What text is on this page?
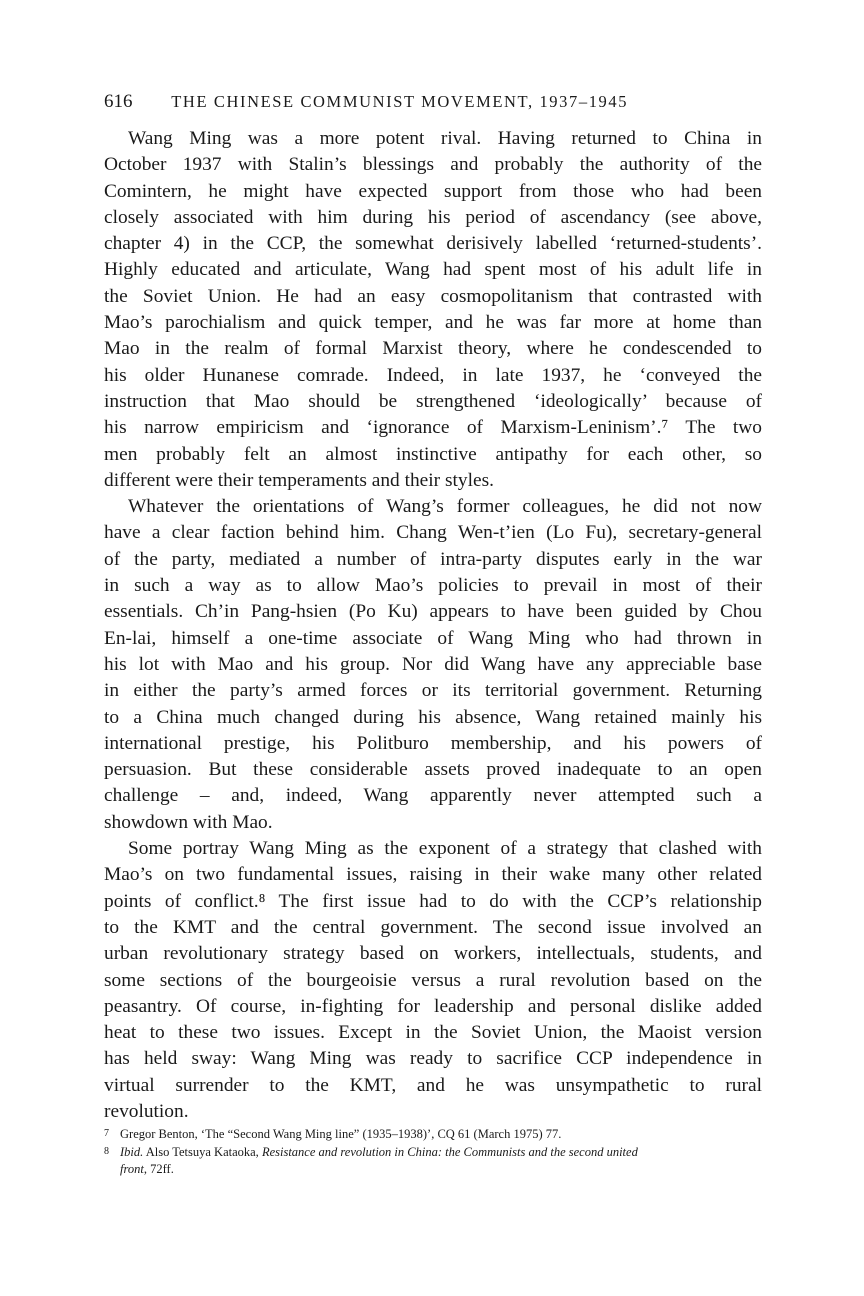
616 THE CHINESE COMMUNIST MOVEMENT, 1937–1945
Wang Ming was a more potent rival. Having returned to China in
October 1937 with Stalin’s blessings and probably the authority of the
Comintern, he might have expected support from those who had been
closely associated with him during his period of ascendancy (see above,
chapter 4) in the CCP, the somewhat derisively labelled ‘returned-students’.
Highly educated and articulate, Wang had spent most of his adult life in
the Soviet Union. He had an easy cosmopolitanism that contrasted with
Mao’s parochialism and quick temper, and he was far more at home than
Mao in the realm of formal Marxist theory, where he condescended to
his older Hunanese comrade. Indeed, in late 1937, he ‘conveyed the
instruction that Mao should be strengthened ‘ideologically’ because of
his narrow empiricism and ‘ignorance of Marxism-Leninism’.⁷ The two
men probably felt an almost instinctive antipathy for each other, so
different were their temperaments and their styles.
Whatever the orientations of Wang’s former colleagues, he did not now
have a clear faction behind him. Chang Wen-t’ien (Lo Fu), secretary-general
of the party, mediated a number of intra-party disputes early in the war
in such a way as to allow Mao’s policies to prevail in most of their
essentials. Ch’in Pang-hsien (Po Ku) appears to have been guided by Chou
En-lai, himself a one-time associate of Wang Ming who had thrown in
his lot with Mao and his group. Nor did Wang have any appreciable base
in either the party’s armed forces or its territorial government. Returning
to a China much changed during his absence, Wang retained mainly his
international prestige, his Politburo membership, and his powers of
persuasion. But these considerable assets proved inadequate to an open
challenge – and, indeed, Wang apparently never attempted such a
showdown with Mao.
Some portray Wang Ming as the exponent of a strategy that clashed with
Mao’s on two fundamental issues, raising in their wake many other related
points of conflict.⁸ The first issue had to do with the CCP’s relationship
to the KMT and the central government. The second issue involved an
urban revolutionary strategy based on workers, intellectuals, students, and
some sections of the bourgeoisie versus a rural revolution based on the
peasantry. Of course, in-fighting for leadership and personal dislike added
heat to these two issues. Except in the Soviet Union, the Maoist version
has held sway: Wang Ming was ready to sacrifice CCP independence in
virtual surrender to the KMT, and he was unsympathetic to rural
revolution.

7 Gregor Benton, ‘The “Second Wang Ming line” (1935–1938)’, CQ 61 (March 1975) 77.

8 Ibid. Also Tetsuya Kataoka, Resistance and revolution in China: the Communists and the second united
front, 72ff.
